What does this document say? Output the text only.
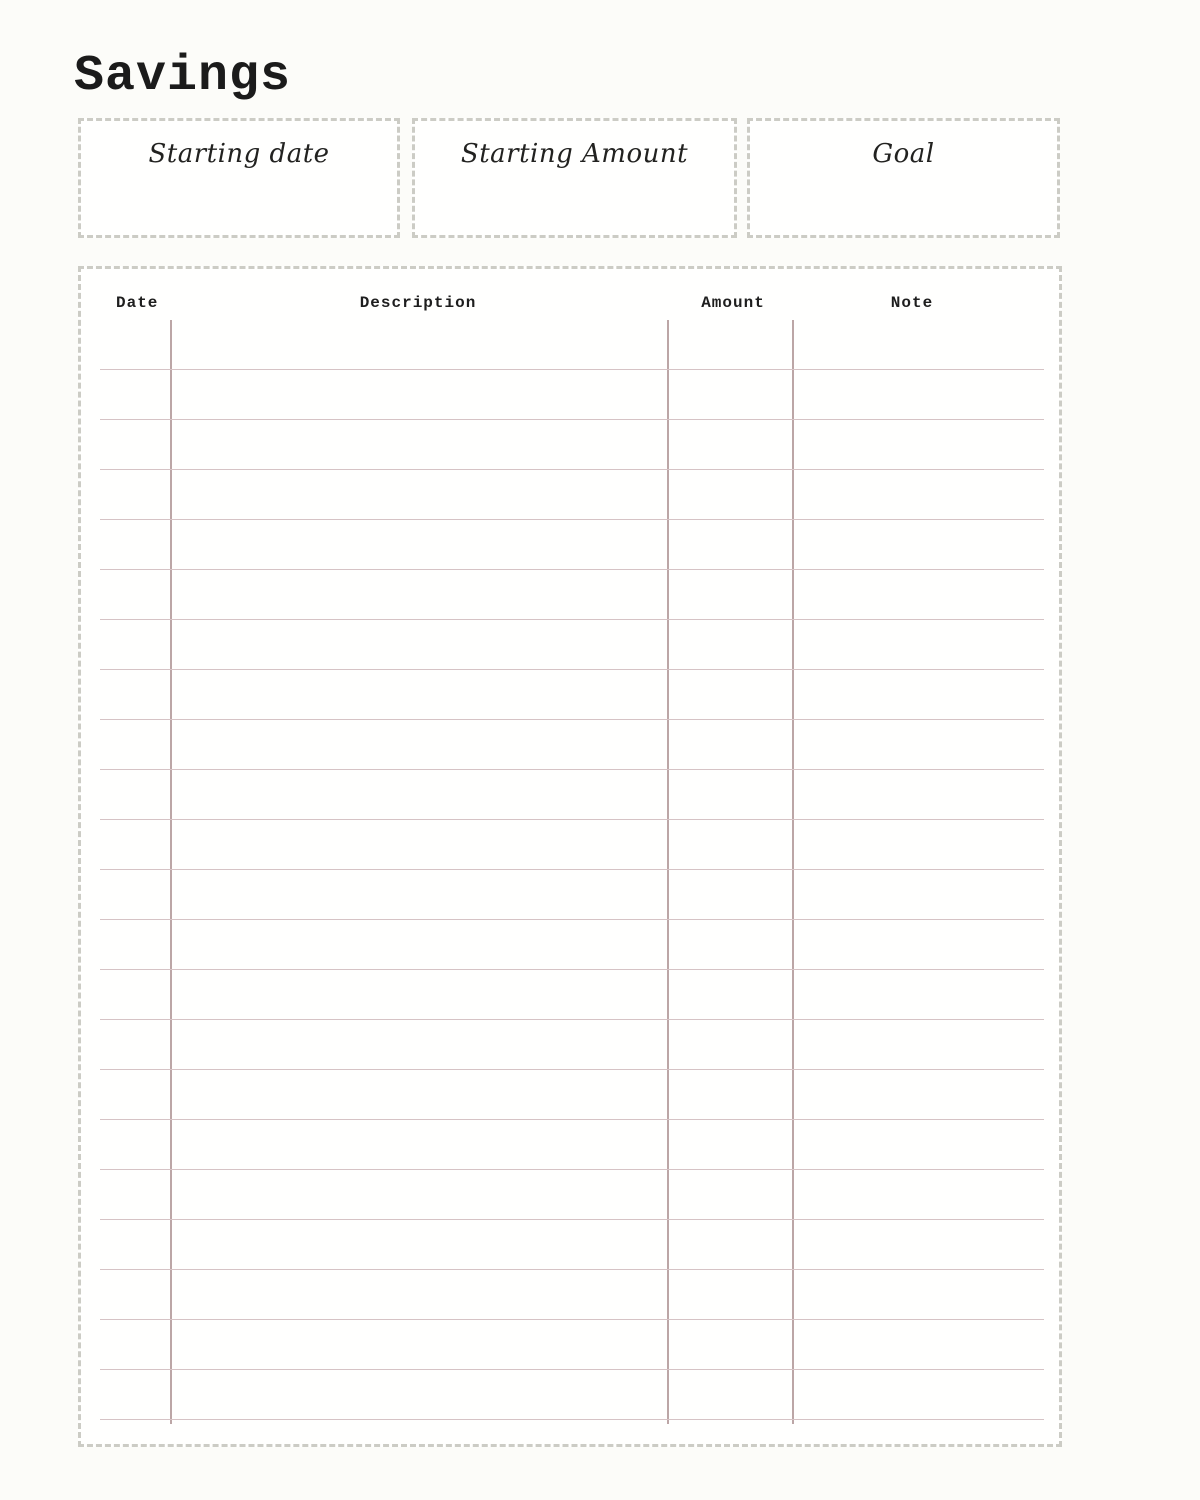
Savings
Starting date	Starting Amount	Goal
Date	Description	Amount	Note
